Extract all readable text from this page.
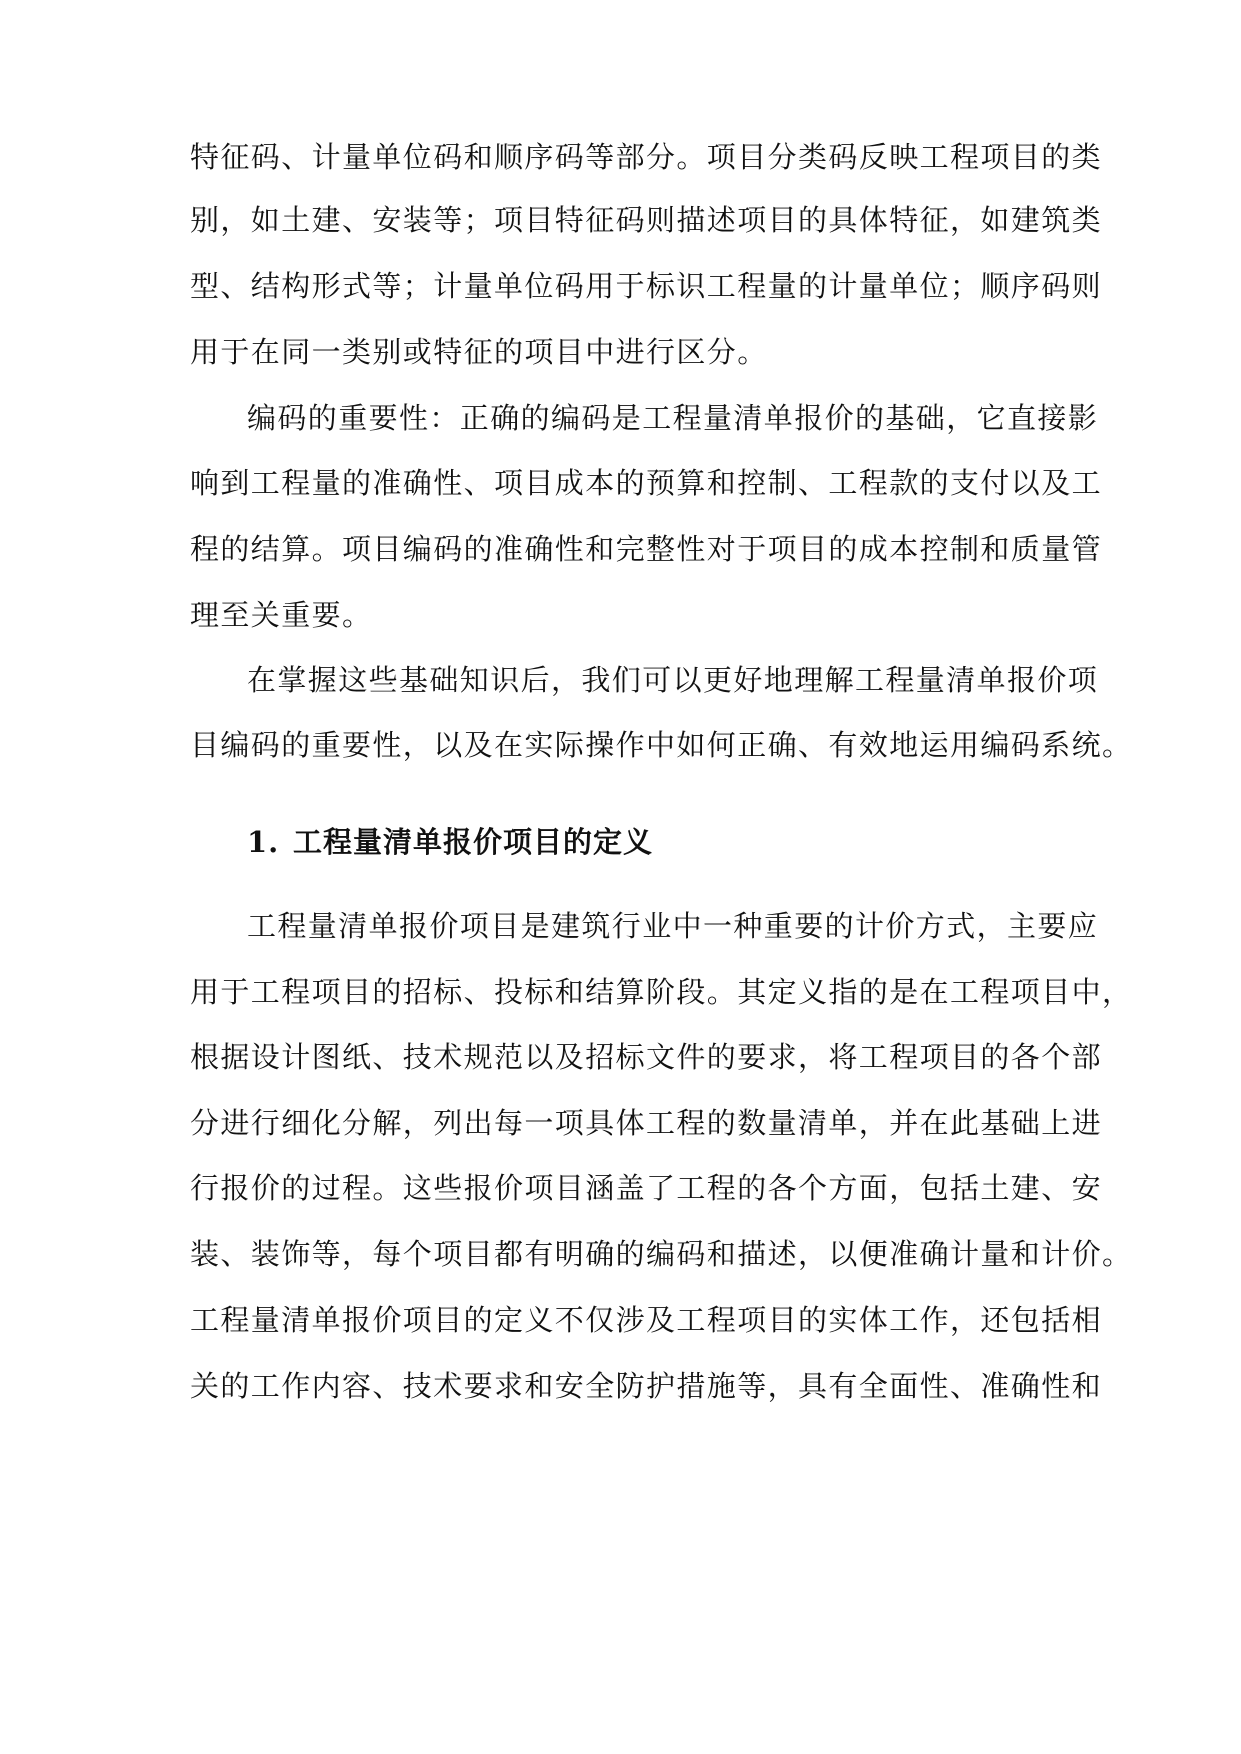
特征码、计量单位码和顺序码等部分。项目分类码反映工程项目的类
别，如土建、安装等；项目特征码则描述项目的具体特征，如建筑类
型、结构形式等；计量单位码用于标识工程量的计量单位；顺序码则
用于在同一类别或特征的项目中进行区分。
编码的重要性：正确的编码是工程量清单报价的基础，它直接影
响到工程量的准确性、项目成本的预算和控制、工程款的支付以及工
程的结算。项目编码的准确性和完整性对于项目的成本控制和质量管
理至关重要。
在掌握这些基础知识后，我们可以更好地理解工程量清单报价项
目编码的重要性，以及在实际操作中如何正确、有效地运用编码系统。
1. 工程量清单报价项目的定义
工程量清单报价项目是建筑行业中一种重要的计价方式，主要应
用于工程项目的招标、投标和结算阶段。其定义指的是在工程项目中，
根据设计图纸、技术规范以及招标文件的要求，将工程项目的各个部
分进行细化分解，列出每一项具体工程的数量清单，并在此基础上进
行报价的过程。这些报价项目涵盖了工程的各个方面，包括土建、安
装、装饰等，每个项目都有明确的编码和描述，以便准确计量和计价。
工程量清单报价项目的定义不仅涉及工程项目的实体工作，还包括相
关的工作内容、技术要求和安全防护措施等，具有全面性、准确性和
